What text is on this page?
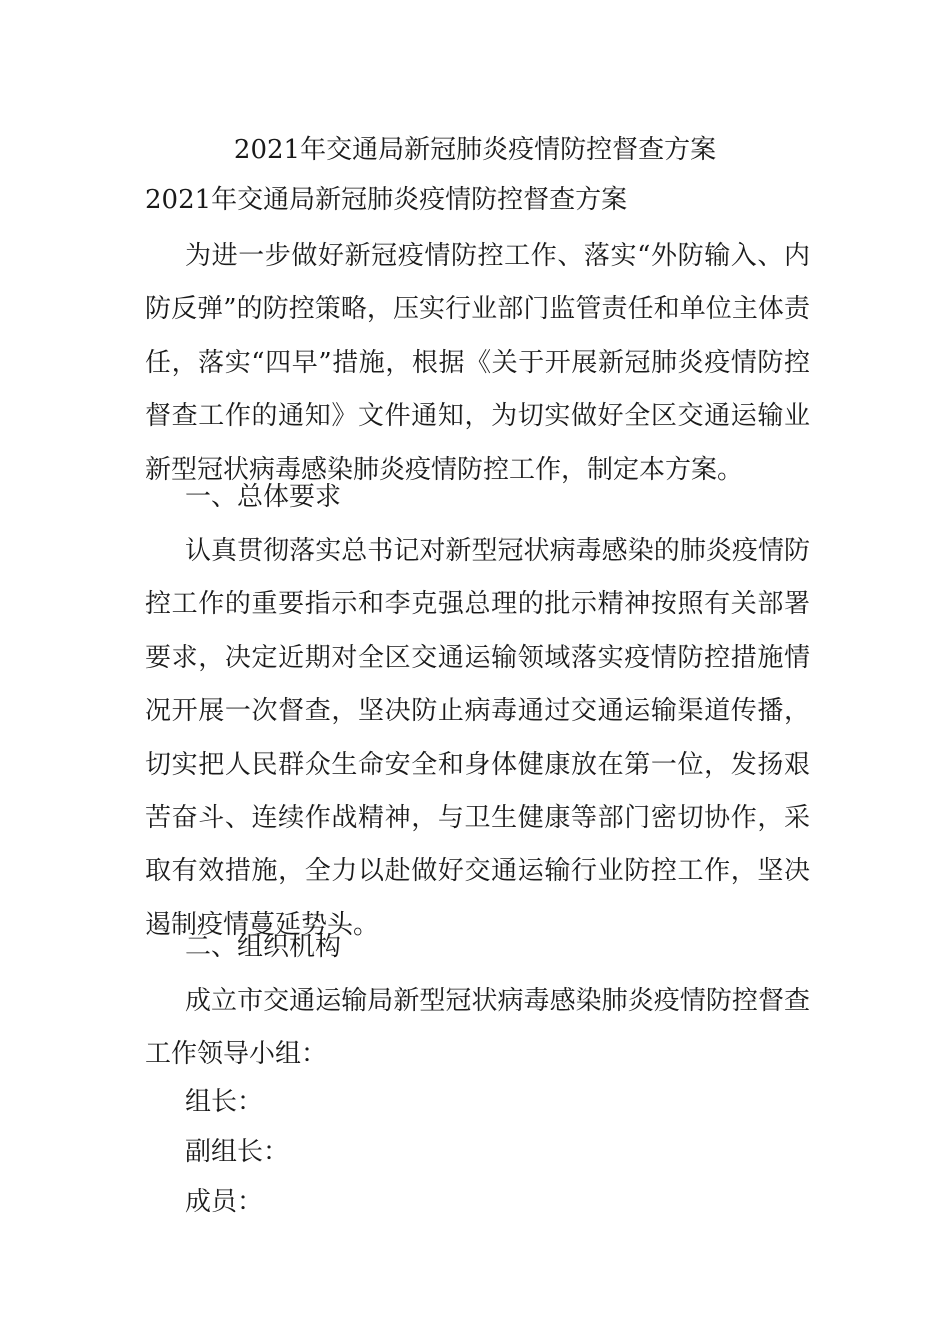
2021年交通局新冠肺炎疫情防控督查方案

2021年交通局新冠肺炎疫情防控督查方案

为进一步做好新冠疫情防控工作、落实“外防输入、内防反弹”的防控策略，压实行业部门监管责任和单位主体责任，落实“四早”措施，根据《关于开展新冠肺炎疫情防控督查工作的通知》文件通知，为切实做好全区交通运输业新型冠状病毒感染肺炎疫情防控工作，制定本方案。

一、总体要求

认真贯彻落实总书记对新型冠状病毒感染的肺炎疫情防控工作的重要指示和李克强总理的批示精神按照有关部署要求，决定近期对全区交通运输领域落实疫情防控措施情况开展一次督查，坚决防止病毒通过交通运输渠道传播，切实把人民群众生命安全和身体健康放在第一位，发扬艰苦奋斗、连续作战精神，与卫生健康等部门密切协作，采取有效措施，全力以赴做好交通运输行业防控工作，坚决遏制疫情蔓延势头。

二、组织机构

成立市交通运输局新型冠状病毒感染肺炎疫情防控督查工作领导小组：

组长：

副组长：

成员：
